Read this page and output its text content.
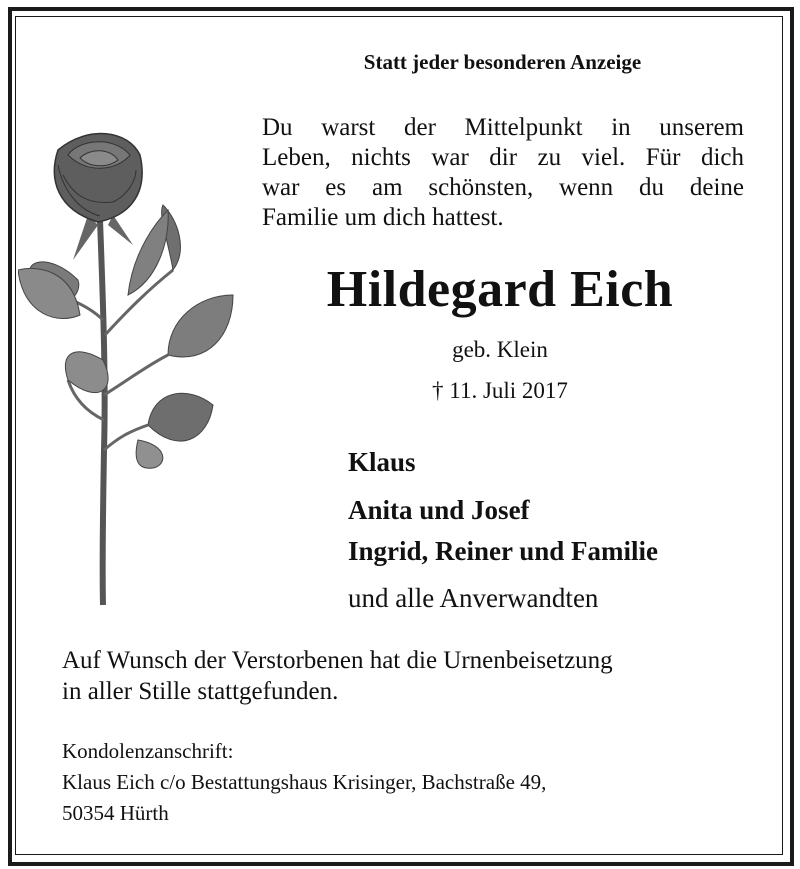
Statt jeder besonderen Anzeige
Du warst der Mittelpunkt in unserem
Leben, nichts war dir zu viel. Für dich
war es am schönsten, wenn du deine
Familie um dich hattest.
Hildegard Eich
geb. Klein
† 11. Juli 2017
Klaus
Anita und Josef
Ingrid, Reiner und Familie
und alle Anverwandten
Auf Wunsch der Verstorbenen hat die Urnenbeisetzung
in aller Stille stattgefunden.
Kondolenzanschrift:
Klaus Eich c/o Bestattungshaus Krisinger, Bachstraße 49,
50354 Hürth
